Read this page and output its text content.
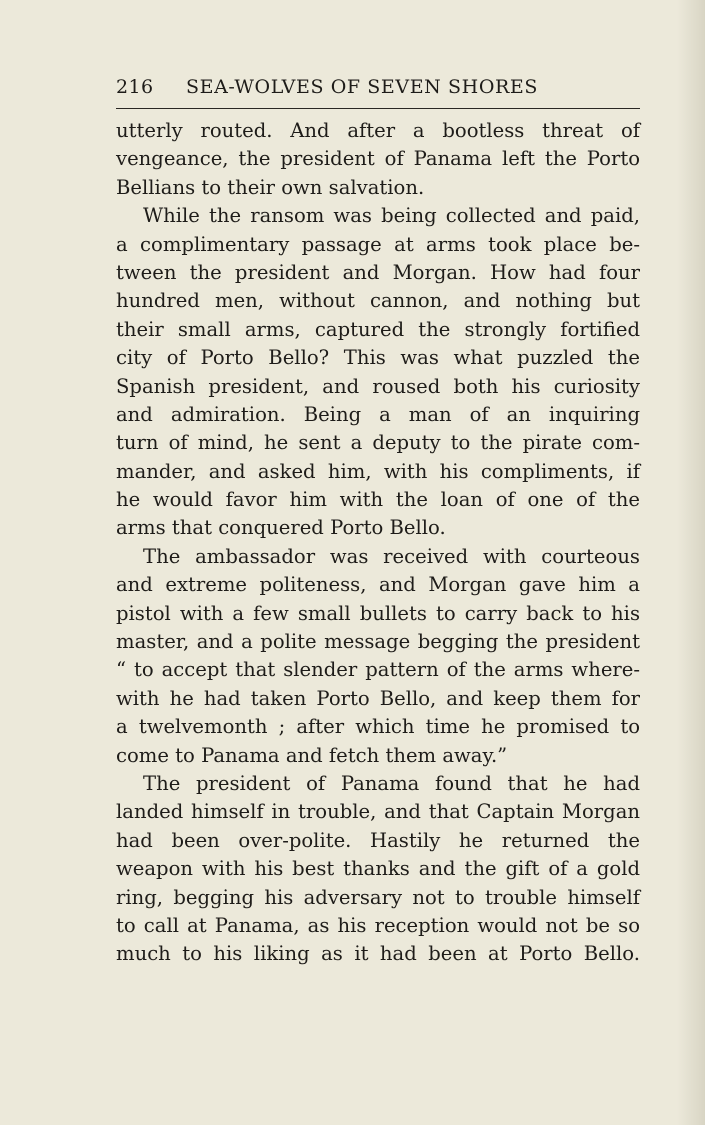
216	SEA-WOLVES OF SEVEN SHORES
utterly routed. And after a bootless threat of
vengeance, the president of Panama left the Porto
Bellians to their own salvation.
While the ransom was being collected and paid,
a complimentary passage at arms took place be-
tween the president and Morgan. How had four
hundred men, without cannon, and nothing but
their small arms, captured the strongly fortified
city of Porto Bello? This was what puzzled the
Spanish president, and roused both his curiosity
and admiration. Being a man of an inquiring
turn of mind, he sent a deputy to the pirate com-
mander, and asked him, with his compliments, if
he would favor him with the loan of one of the
arms that conquered Porto Bello.
The ambassador was received with courteous
and extreme politeness, and Morgan gave him a
pistol with a few small bullets to carry back to his
master, and a polite message begging the president
“ to accept that slender pattern of the arms where-
with he had taken Porto Bello, and keep them for
a twelvemonth ; after which time he promised to
come to Panama and fetch them away.”
The president of Panama found that he had
landed himself in trouble, and that Captain Morgan
had been over-polite. Hastily he returned the
weapon with his best thanks and the gift of a gold
ring, begging his adversary not to trouble himself
to call at Panama, as his reception would not be so
much to his liking as it had been at Porto Bello.
